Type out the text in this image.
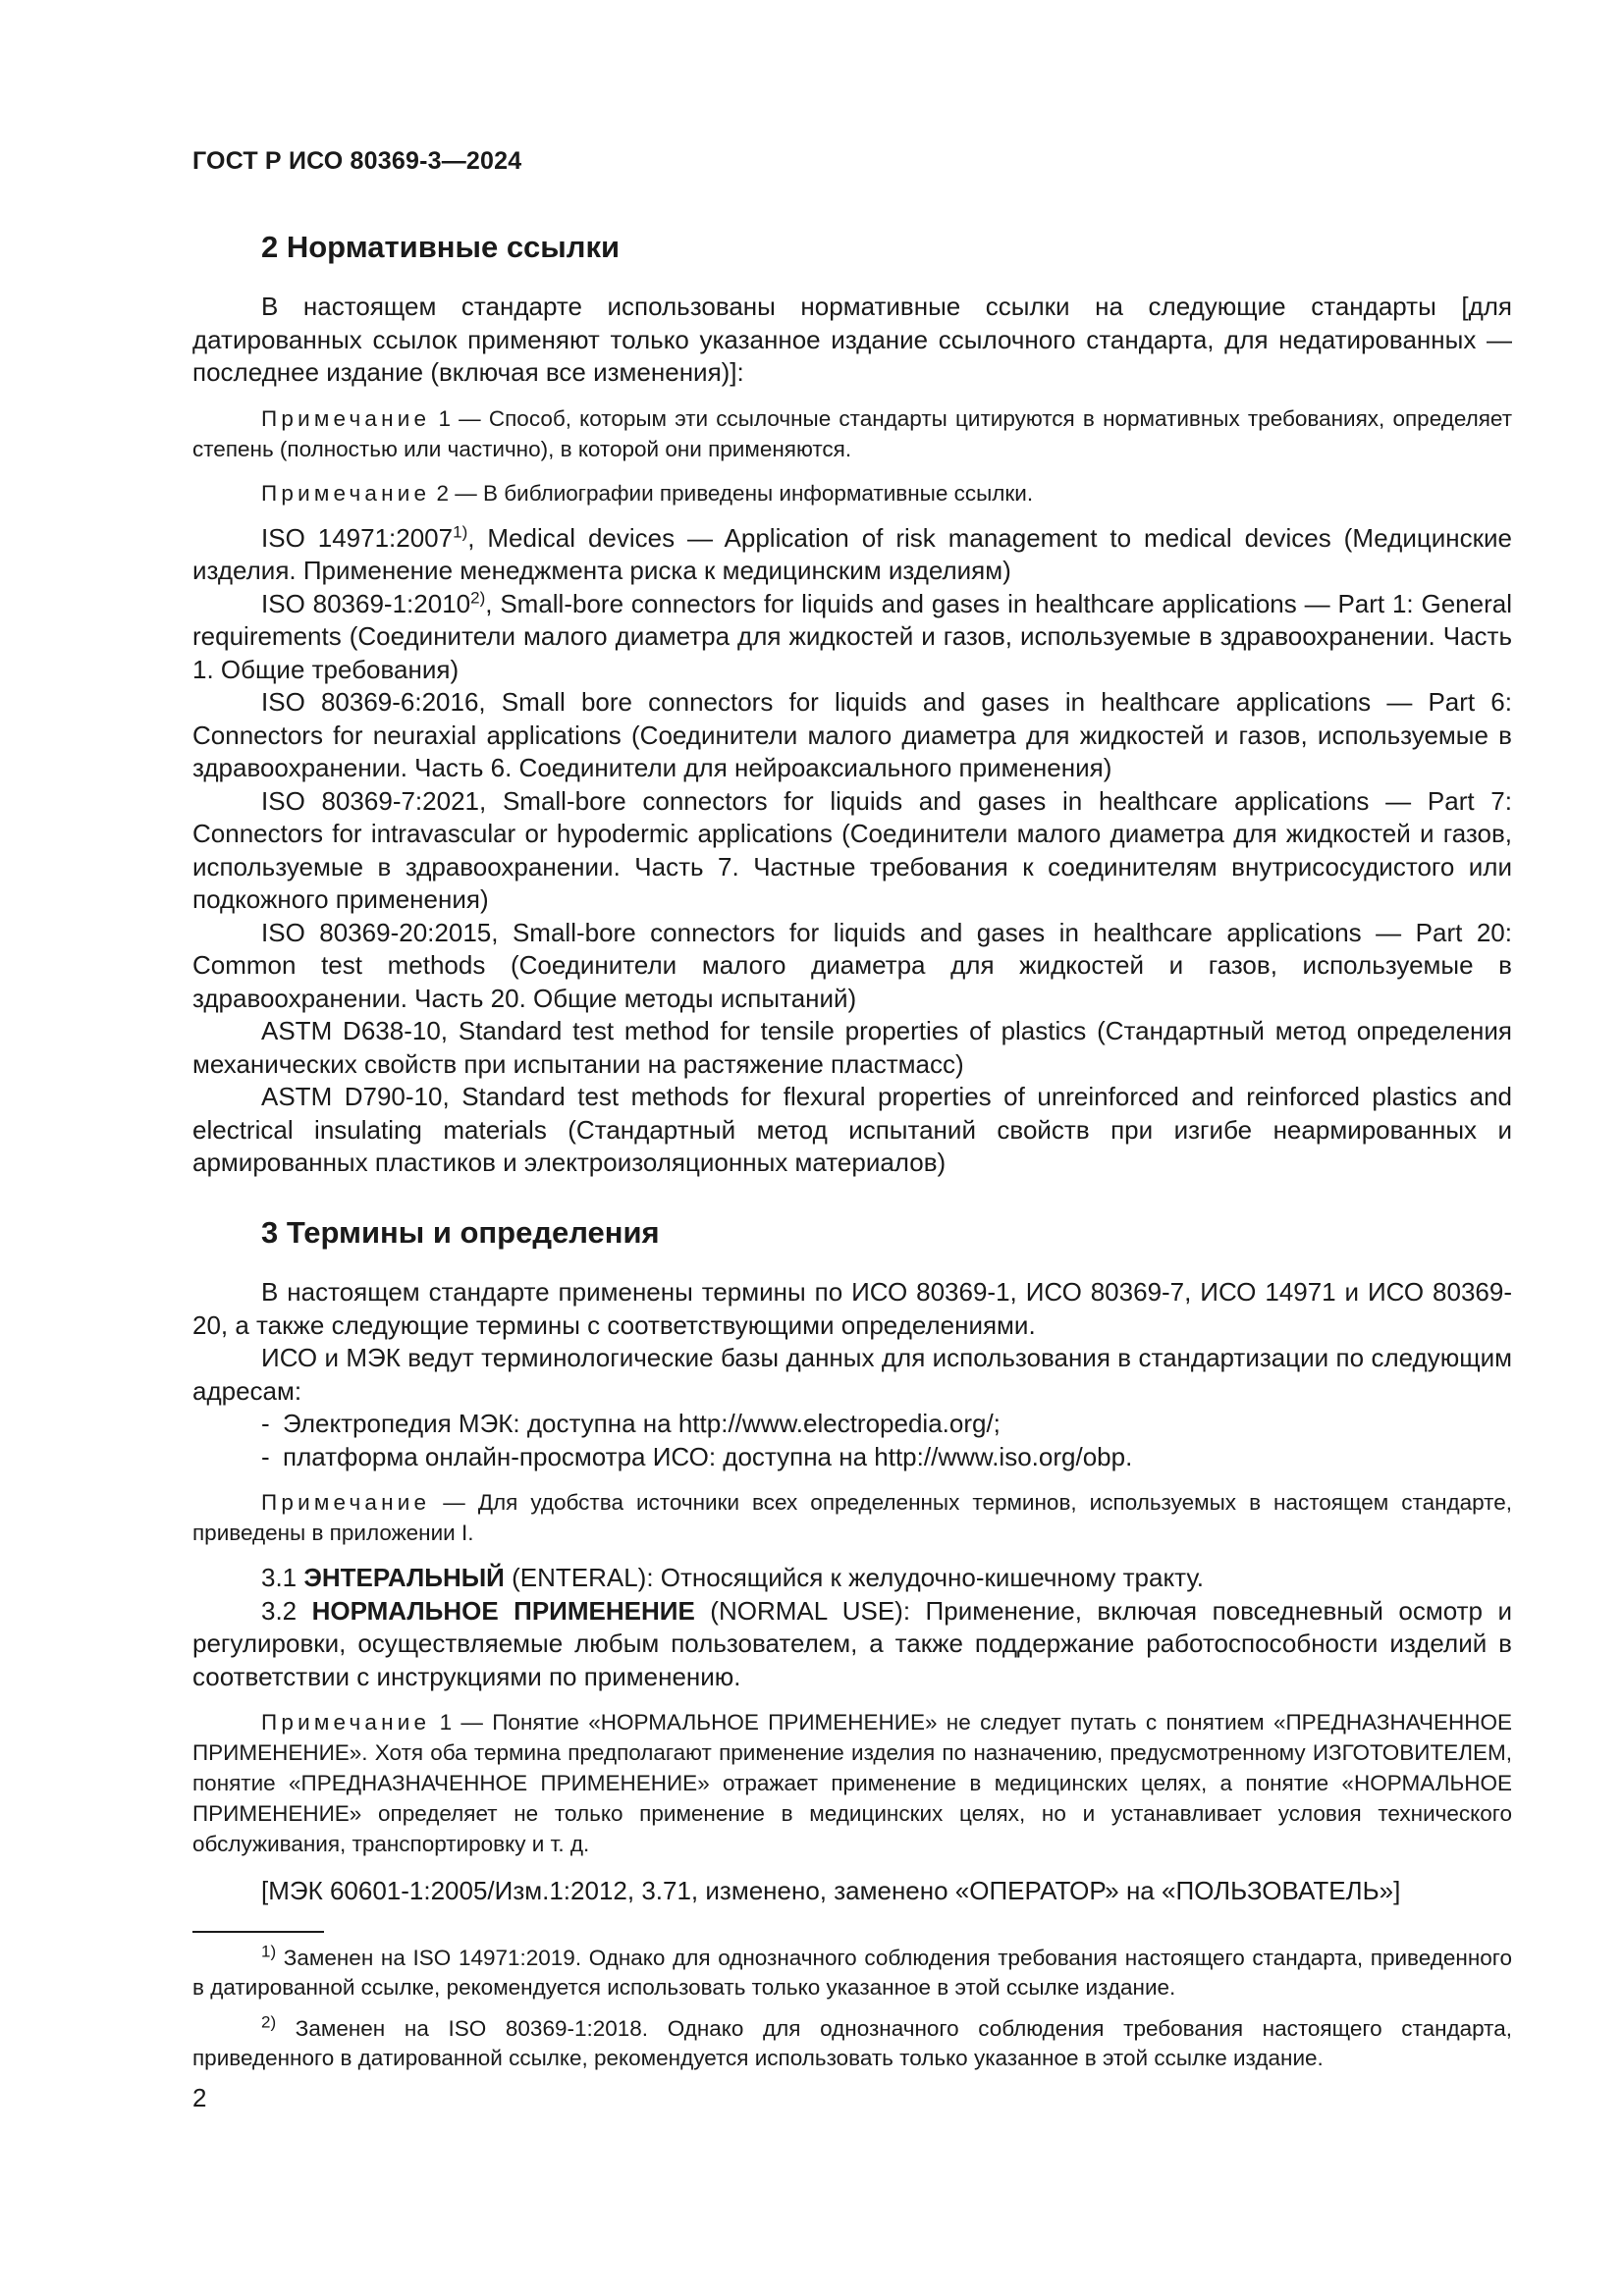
ГОСТ Р ИСО 80369-3—2024
2 Нормативные ссылки

В настоящем стандарте использованы нормативные ссылки на следующие стандарты [для датированных ссылок применяют только указанное издание ссылочного стандарта, для недатированных — последнее издание (включая все изменения)]:

Примечание 1 — Способ, которым эти ссылочные стандарты цитируются в нормативных требованиях, определяет степень (полностью или частично), в которой они применяются.

Примечание 2 — В библиографии приведены информативные ссылки.

ISO 14971:2007$^{1)}$, Medical devices — Application of risk management to medical devices (Медицинские изделия. Применение менеджмента риска к медицинским изделиям)

ISO 80369-1:2010$^{2)}$, Small-bore connectors for liquids and gases in healthcare applications — Part 1: General requirements (Соединители малого диаметра для жидкостей и газов, используемые в здравоохранении. Часть 1. Общие требования)

ISO 80369-6:2016, Small bore connectors for liquids and gases in healthcare applications — Part 6: Connectors for neuraxial applications (Соединители малого диаметра для жидкостей и газов, используемые в здравоохранении. Часть 6. Соединители для нейроаксиального применения)

ISO 80369-7:2021, Small-bore connectors for liquids and gases in healthcare applications — Part 7: Connectors for intravascular or hypodermic applications (Соединители малого диаметра для жидкостей и газов, используемые в здравоохранении. Часть 7. Частные требования к соединителям внутрисосудистого или подкожного применения)

ISO 80369-20:2015, Small-bore connectors for liquids and gases in healthcare applications — Part 20: Common test methods (Соединители малого диаметра для жидкостей и газов, используемые в здравоохранении. Часть 20. Общие методы испытаний)

ASTM D638-10, Standard test method for tensile properties of plastics (Стандартный метод определения механических свойств при испытании на растяжение пластмасс)

ASTM D790-10, Standard test methods for flexural properties of unreinforced and reinforced plastics and electrical insulating materials (Стандартный метод испытаний свойств при изгибе неармированных и армированных пластиков и электроизоляционных материалов)

3 Термины и определения

В настоящем стандарте применены термины по ИСО 80369-1, ИСО 80369-7, ИСО 14971 и ИСО 80369-20, а также следующие термины с соответствующими определениями.

ИСО и МЭК ведут терминологические базы данных для использования в стандартизации по следующим адресам:

- Электропедия МЭК: доступна на http://www.electropedia.org/;
- платформа онлайн-просмотра ИСО: доступна на http://www.iso.org/obp.

Примечание — Для удобства источники всех определенных терминов, используемых в настоящем стандарте, приведены в приложении I.

3.1 ЭНТЕРАЛЬНЫЙ (ENTERAL): Относящийся к желудочно-кишечному тракту.

3.2 НОРМАЛЬНОЕ ПРИМЕНЕНИЕ (NORMAL USE): Применение, включая повседневный осмотр и регулировки, осуществляемые любым пользователем, а также поддержание работоспособности изделий в соответствии с инструкциями по применению.

Примечание 1 — Понятие «НОРМАЛЬНОЕ ПРИМЕНЕНИЕ» не следует путать с понятием «ПРЕДНАЗНАЧЕННОЕ ПРИМЕНЕНИЕ». Хотя оба термина предполагают применение изделия по назначению, предусмотренному ИЗГОТОВИТЕЛЕМ, понятие «ПРЕДНАЗНАЧЕННОЕ ПРИМЕНЕНИЕ» отражает применение в медицинских целях, а понятие «НОРМАЛЬНОЕ ПРИМЕНЕНИЕ» определяет не только применение в медицинских целях, но и устанавливает условия технического обслуживания, транспортировку и т. д.

[МЭК 60601-1:2005/Изм.1:2012, 3.71, изменено, заменено «ОПЕРАТОР» на «ПОЛЬЗОВАТЕЛЬ»]

$^{1)}$ Заменен на ISO 14971:2019. Однако для однозначного соблюдения требования настоящего стандарта, приведенного в датированной ссылке, рекомендуется использовать только указанное в этой ссылке издание.

$^{2)}$ Заменен на ISO 80369-1:2018. Однако для однозначного соблюдения требования настоящего стандарта, приведенного в датированной ссылке, рекомендуется использовать только указанное в этой ссылке издание.

2
